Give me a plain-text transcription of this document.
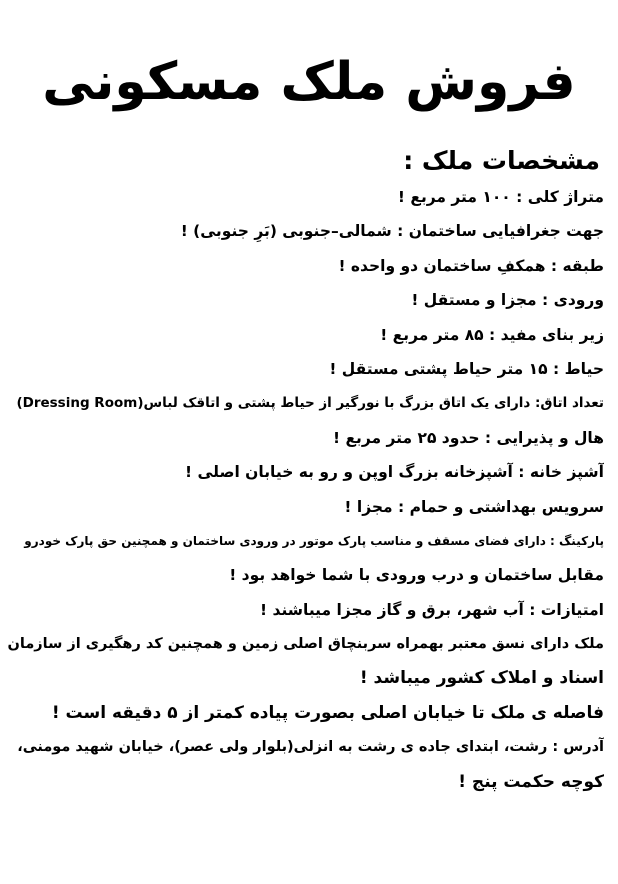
فروش ملک مسکونی
مشخصات ملک :
متراژ کلی : ۱۰۰ متر مربع !
جهت جغرافیایی ساختمان : شمالی–جنوبی (بَرِ جنوبی) !
طبقه : همکفِ ساختمان دو واحده !
ورودی : مجزا و مستقل !
زیر بنای مفید : ۸۵ متر مربع !
حیاط : ۱۵ متر حیاط پشتی مستقل !
تعداد اتاق: دارای یک اتاق بزرگ با نورگیر از حیاط پشتی و اتاقک لباس(Dressing Room)
هال و پذیرایی : حدود ۲۵ متر مربع !
آشپز خانه : آشپزخانه بزرگ اوپن و رو به خیابان اصلی !
سرویس بهداشتی و حمام : مجزا !
پارکینگ : دارای فضای مسقف و مناسب پارک موتور در ورودی ساختمان و همچنین حق پارک خودرو
مقابل ساختمان و درب ورودی با شما خواهد بود !
امتیازات : آب شهر، برق و گاز مجزا میباشند !
ملک دارای نسق معتبر بهمراه سربنچاق اصلی زمین و همچنین کد رهگیری از سازمان
اسناد و املاک کشور میباشد !
فاصله ی ملک تا خیابان اصلی بصورت پیاده کمتر از ۵ دقیقه است !
آدرس : رشت، ابتدای جاده ی رشت به انزلی(بلوار ولی عصر)، خیابان شهید مومنی،
کوچه حکمت پنج !
